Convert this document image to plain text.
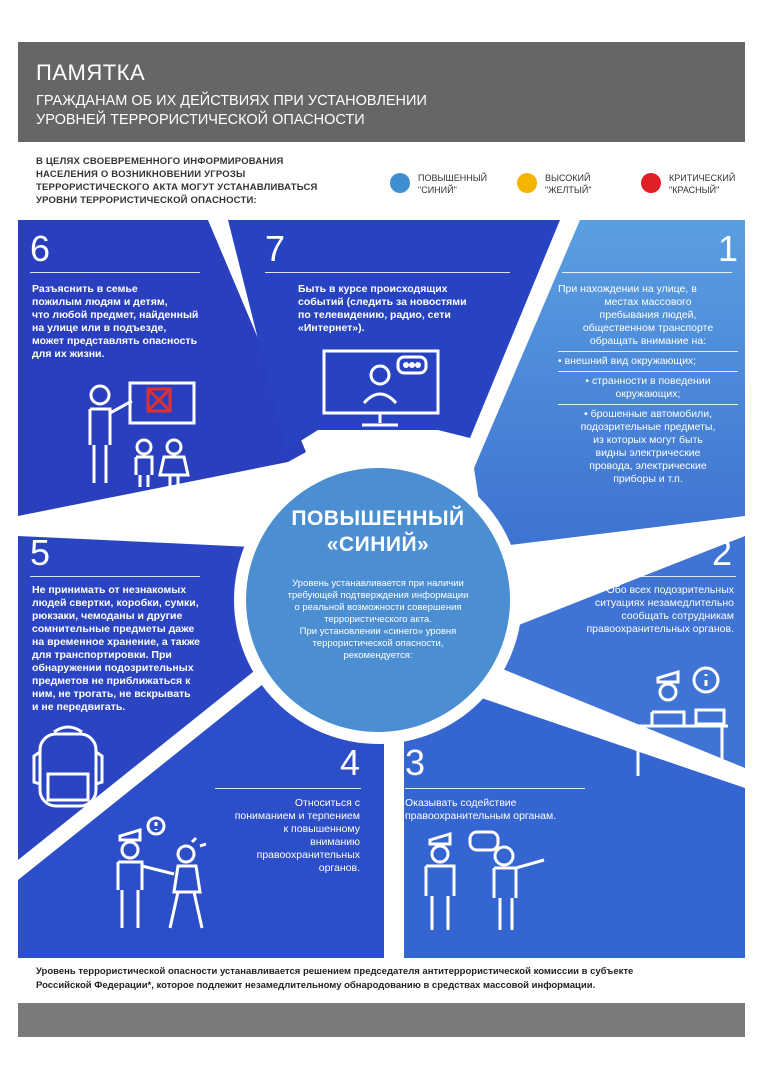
ПАМЯТКА
ГРАЖДАНАМ ОБ ИХ ДЕЙСТВИЯХ ПРИ УСТАНОВЛЕНИИ
УРОВНЕЙ ТЕРРОРИСТИЧЕСКОЙ ОПАСНОСТИ
В ЦЕЛЯХ СВОЕВРЕМЕННОГО ИНФОРМИРОВАНИЯ
НАСЕЛЕНИЯ О ВОЗНИКНОВЕНИИ УГРОЗЫ
ТЕРРОРИСТИЧЕСКОГО АКТА МОГУТ УСТАНАВЛИВАТЬСЯ
УРОВНИ ТЕРРОРИСТИЧЕСКОЙ ОПАСНОСТИ:
ПОВЫШЕННЫЙ
"СИНИЙ"
ВЫСОКИЙ
"ЖЕЛТЫЙ"
КРИТИЧЕСКИЙ
"КРАСНЫЙ"
ПОВЫШЕННЫЙ
«СИНИЙ»
Уровень устанавливается при наличии
требующей подтверждения информации
о реальной возможности совершения
террористического акта.
При установлении «синего» уровня
террористической опасности,
рекомендуется:
6
Разъяснить в семье
пожилым людям и детям,
что любой предмет, найденный
на улице или в подъезде,
может представлять опасность
для их жизни.
7
Быть в курсе происходящих
событий (следить за новостями
по телевидению, радио, сети
«Интернет»).
1
При нахождении на улице, в
местах массового
пребывания людей,
общественном транспорте
обращать внимание на:
• внешний вид окружающих;
• странности в поведении
окружающих;
• брошенные автомобили,
подозрительные предметы,
из которых могут быть
видны электрические
провода, электрические
приборы и т.п.
2
Обо всех подозрительных
ситуациях незамедлительно
сообщать сотрудникам
правоохранительных органов.
3
Оказывать содействие
правоохранительным органам.
4
Относиться с
пониманием и терпением
к повышенному
вниманию
правоохранительных
органов.
5
Не принимать от незнакомых
людей свертки, коробки, сумки,
рюкзаки, чемоданы и другие
сомнительные предметы даже
на временное хранение, а также
для транспортировки. При
обнаружении подозрительных
предметов не приближаться к
ним, не трогать, не вскрывать
и не передвигать.
Уровень террористической опасности устанавливается решением председателя антитеррористической комиссии в субъекте
Российской Федерации*, которое подлежит незамедлительному обнародованию в средствах массовой информации.
